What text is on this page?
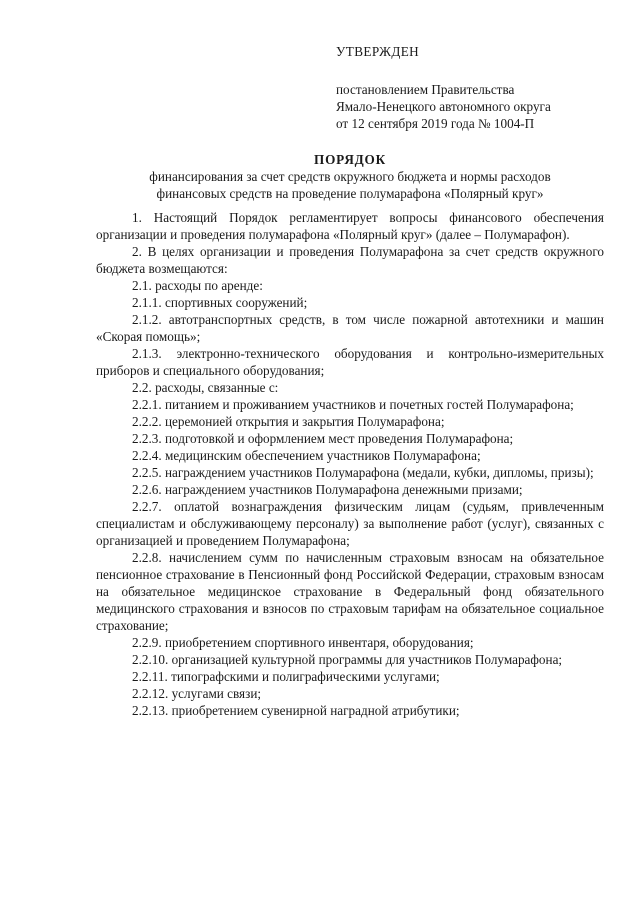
УТВЕРЖДЕН

постановлением Правительства

Ямало-Ненецкого автономного округа

от 12 сентября 2019 года № 1004-П

ПОРЯДОК

финансирования за счет средств окружного бюджета и нормы расходов

финансовых средств на проведение полумарафона «Полярный круг»

1. Настоящий Порядок регламентирует вопросы финансового обеспечения организации и проведения полумарафона «Полярный круг» (далее – Полумарафон).

2. В целях организации и проведения Полумарафона за счет средств окружного бюджета возмещаются:

2.1. расходы по аренде:

2.1.1. спортивных сооружений;

2.1.2. автотранспортных средств, в том числе пожарной автотехники и машин «Скорая помощь»;

2.1.3. электронно-технического оборудования и контрольно-измерительных приборов и специального оборудования;

2.2. расходы, связанные с:

2.2.1. питанием и проживанием участников и почетных гостей Полумарафона;

2.2.2. церемонией открытия и закрытия Полумарафона;

2.2.3. подготовкой и оформлением мест проведения Полумарафона;

2.2.4. медицинским обеспечением участников Полумарафона;

2.2.5. награждением участников Полумарафона (медали, кубки, дипломы, призы);

2.2.6. награждением участников Полумарафона денежными призами;

2.2.7. оплатой вознаграждения физическим лицам (судьям, привлеченным специалистам и обслуживающему персоналу) за выполнение работ (услуг), связанных с организацией и проведением Полумарафона;

2.2.8. начислением сумм по начисленным страховым взносам на обязательное пенсионное страхование в Пенсионный фонд Российской Федерации, страховым взносам на обязательное медицинское страхование в Федеральный фонд обязательного медицинского страхования и взносов по страховым тарифам на обязательное социальное страхование;

2.2.9. приобретением спортивного инвентаря, оборудования;

2.2.10. организацией культурной программы для участников Полумарафона;

2.2.11. типографскими и полиграфическими услугами;

2.2.12. услугами связи;

2.2.13. приобретением сувенирной наградной атрибутики;
